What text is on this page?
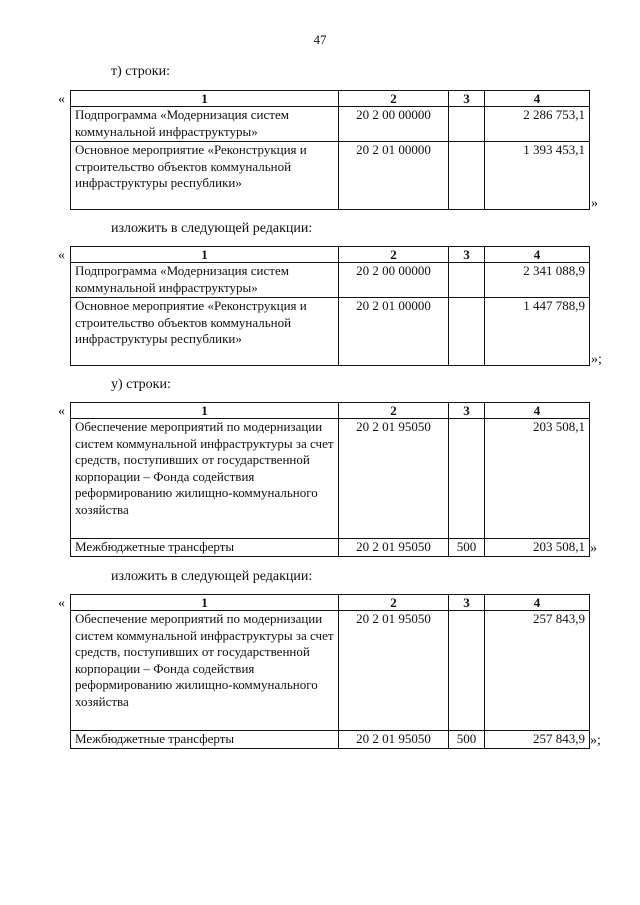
47
т) строки:
«	1	2	3	4
Подпрограмма «Модернизация систем коммунальной инфраструктуры»	20 2 00 00000		2 286 753,1
Основное мероприятие «Реконструкция и строительство объектов коммунальной инфраструктуры республики»	20 2 01 00000		1 393 453,1
»
изложить в следующей редакции:
«	1	2	3	4
Подпрограмма «Модернизация систем коммунальной инфраструктуры»	20 2 00 00000		2 341 088,9
Основное мероприятие «Реконструкция и строительство объектов коммунальной инфраструктуры республики»	20 2 01 00000		1 447 788,9
»;
у) строки:
«	1	2	3	4
Обеспечение мероприятий по модернизации систем коммунальной инфраструктуры за счет средств, поступивших от государственной корпорации – Фонда содействия реформированию жилищно-коммунального хозяйства	20 2 01 95050		203 508,1
Межбюджетные трансферты	20 2 01 95050	500	203 508,1 »
изложить в следующей редакции:
«	1	2	3	4
Обеспечение мероприятий по модернизации систем коммунальной инфраструктуры за счет средств, поступивших от государственной корпорации – Фонда содействия реформированию жилищно-коммунального хозяйства	20 2 01 95050		257 843,9
Межбюджетные трансферты	20 2 01 95050	500	257 843,9 »;
